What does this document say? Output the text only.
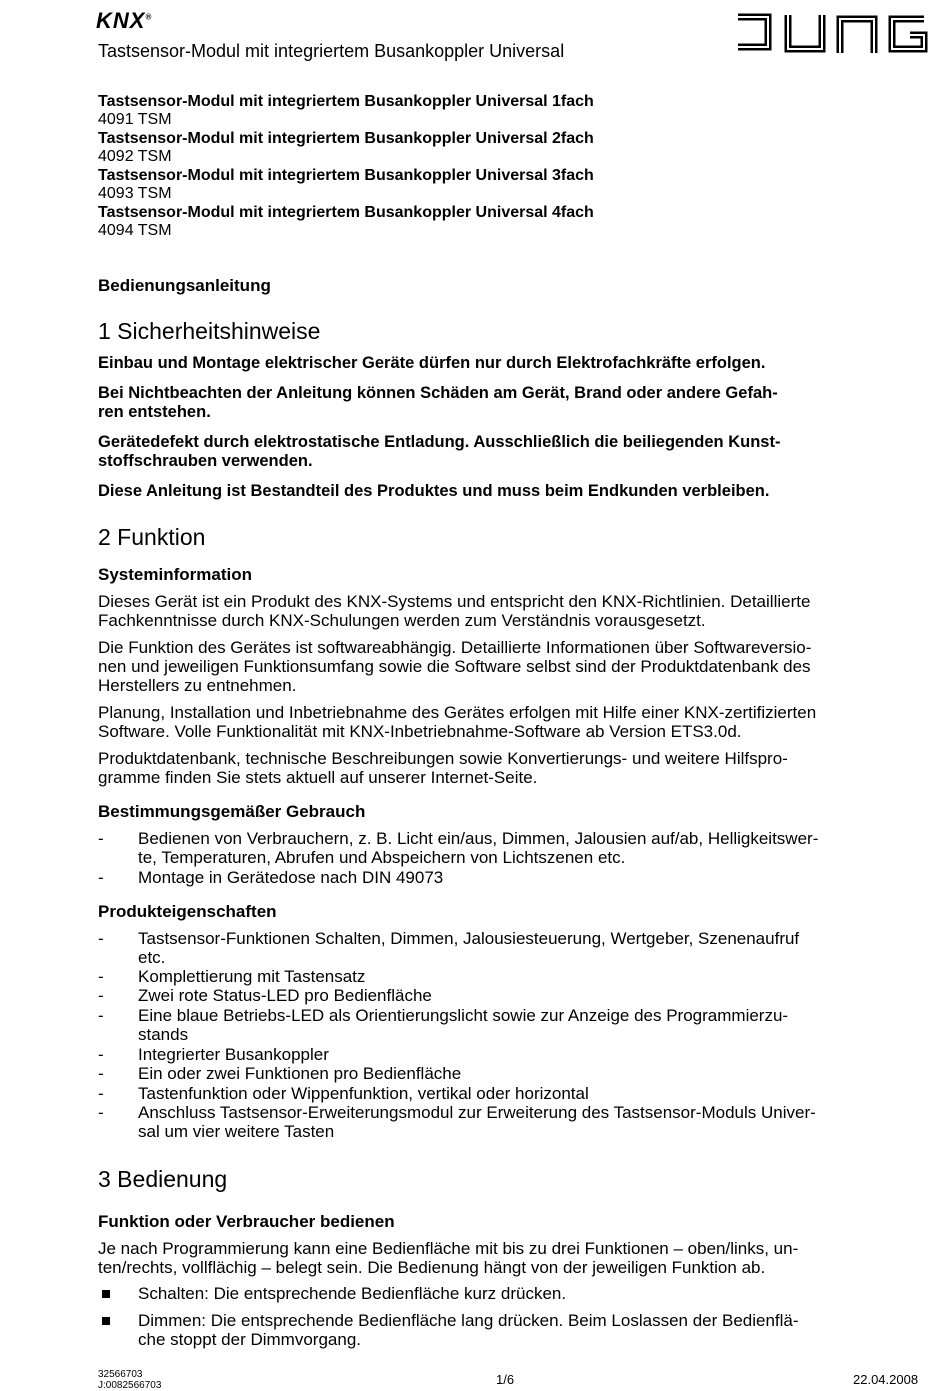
KNX®
Tastsensor-Modul mit integriertem Busankoppler Universal
Tastsensor-Modul mit integriertem Busankoppler Universal 1fach
4091 TSM
Tastsensor-Modul mit integriertem Busankoppler Universal 2fach
4092 TSM
Tastsensor-Modul mit integriertem Busankoppler Universal 3fach
4093 TSM
Tastsensor-Modul mit integriertem Busankoppler Universal 4fach
4094 TSM
Bedienungsanleitung
1 Sicherheitshinweise
Einbau und Montage elektrischer Geräte dürfen nur durch Elektrofachkräfte erfolgen.
Bei Nichtbeachten der Anleitung können Schäden am Gerät, Brand oder andere Gefah-
ren entstehen.
Gerätedefekt durch elektrostatische Entladung. Ausschließlich die beiliegenden Kunst-
stoffschrauben verwenden.
Diese Anleitung ist Bestandteil des Produktes und muss beim Endkunden verbleiben.
2 Funktion
Systeminformation
Dieses Gerät ist ein Produkt des KNX-Systems und entspricht den KNX-Richtlinien. Detaillierte
Fachkenntnisse durch KNX-Schulungen werden zum Verständnis vorausgesetzt.
Die Funktion des Gerätes ist softwareabhängig. Detaillierte Informationen über Softwareversio-
nen und jeweiligen Funktionsumfang sowie die Software selbst sind der Produktdatenbank des
Herstellers zu entnehmen.
Planung, Installation und Inbetriebnahme des Gerätes erfolgen mit Hilfe einer KNX-zertifizierten
Software. Volle Funktionalität mit KNX-Inbetriebnahme-Software ab Version ETS3.0d.
Produktdatenbank, technische Beschreibungen sowie Konvertierungs- und weitere Hilfspro-
gramme finden Sie stets aktuell auf unserer Internet-Seite.
Bestimmungsgemäßer Gebrauch
- Bedienen von Verbrauchern, z. B. Licht ein/aus, Dimmen, Jalousien auf/ab, Helligkeitswer-
te, Temperaturen, Abrufen und Abspeichern von Lichtszenen etc.
- Montage in Gerätedose nach DIN 49073
Produkteigenschaften
- Tastsensor-Funktionen Schalten, Dimmen, Jalousiesteuerung, Wertgeber, Szenenaufruf
etc.
- Komplettierung mit Tastensatz
- Zwei rote Status-LED pro Bedienfläche
- Eine blaue Betriebs-LED als Orientierungslicht sowie zur Anzeige des Programmierzu-
stands
- Integrierter Busankoppler
- Ein oder zwei Funktionen pro Bedienfläche
- Tastenfunktion oder Wippenfunktion, vertikal oder horizontal
- Anschluss Tastsensor-Erweiterungsmodul zur Erweiterung des Tastsensor-Moduls Univer-
sal um vier weitere Tasten
3 Bedienung
Funktion oder Verbraucher bedienen
Je nach Programmierung kann eine Bedienfläche mit bis zu drei Funktionen – oben/links, un-
ten/rechts, vollflächig – belegt sein. Die Bedienung hängt von der jeweiligen Funktion ab.
Schalten: Die entsprechende Bedienfläche kurz drücken.
Dimmen: Die entsprechende Bedienfläche lang drücken. Beim Loslassen der Bedienflä-
che stoppt der Dimmvorgang.
32566703
J:0082566703	1/6	22.04.2008
